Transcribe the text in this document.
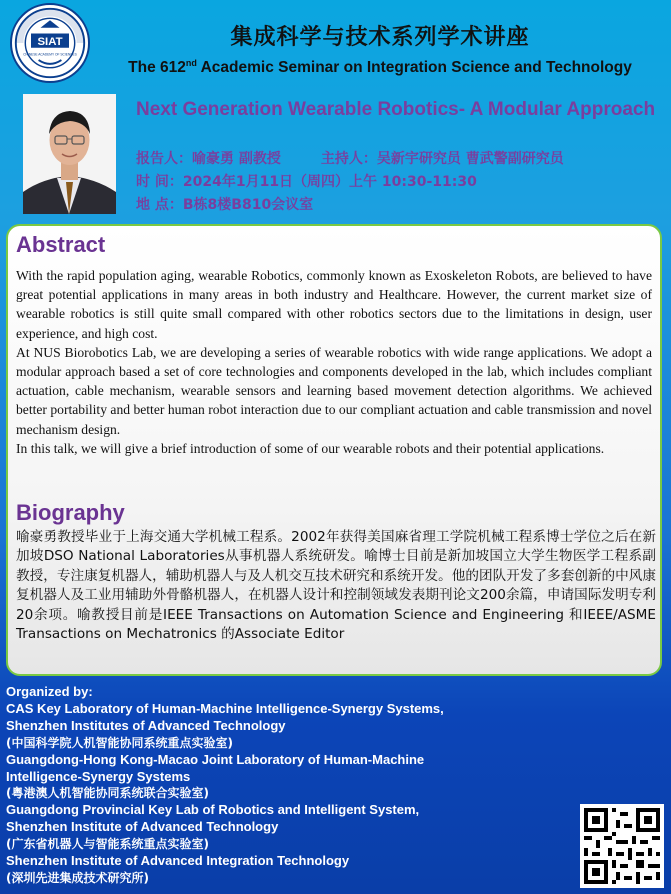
SIAT
CHINESE ACADEMY OF SCIENCES
集成科学与技术系列学术讲座
The 612nd Academic Seminar on Integration Science and Technology
Next Generation Wearable Robotics- A Modular Approach
报告人：喻豪勇 副教授	主持人：吴新宇研究员 曹武警副研究员
时 间：2024年1月11日（周四）上午 10:30-11:30
地 点：B栋8楼B810会议室
Abstract

With the rapid population aging, wearable Robotics, commonly known as Exoskeleton Robots, are believed to have great potential applications in many areas in both industry and Healthcare. However, the current market size of wearable robotics is still quite small compared with other robotics sectors due to the limitations in design, user experience, and high cost.

At NUS Biorobotics Lab, we are developing a series of wearable robotics with wide range applications. We adopt a modular approach based a set of core technologies and components developed in the lab, which includes compliant actuation, cable mechanism, wearable sensors and learning based movement detection algorithms. We achieved better portability and better human robot interaction due to our compliant actuation and cable transmission and novel mechanism design.

In this talk, we will give a brief introduction of some of our wearable robots and their potential applications.

Biography
喻豪勇教授毕业于上海交通大学机械工程系。2002年获得美国麻省理工学院机械工程系博士学位之后在新加坡DSO National Laboratories从事机器人系统研发。喻博士目前是新加坡国立大学生物医学工程系副教授，专注康复机器人，辅助机器人与及人机交互技术研究和系统开发。他的团队开发了多套创新的中风康复机器人及工业用辅助外骨骼机器人，在机器人设计和控制领域发表期刊论文200余篇，申请国际发明专利20余项。喻教授目前是IEEE Transactions on Automation Science and Engineering 和IEEE/ASME Transactions on Mechatronics 的Associate Editor
Organized by:
CAS Key Laboratory of Human-Machine Intelligence-Synergy Systems,
Shenzhen Institutes of Advanced Technology
(中国科学院人机智能协同系统重点实验室)
Guangdong-Hong Kong-Macao Joint Laboratory of Human-Machine
Intelligence-Synergy Systems
(粤港澳人机智能协同系统联合实验室)
Guangdong Provincial Key Lab of Robotics and Intelligent System,
Shenzhen Institute of Advanced Technology
(广东省机器人与智能系统重点实验室)
Shenzhen Institute of Advanced Integration Technology
(深圳先进集成技术研究所)
